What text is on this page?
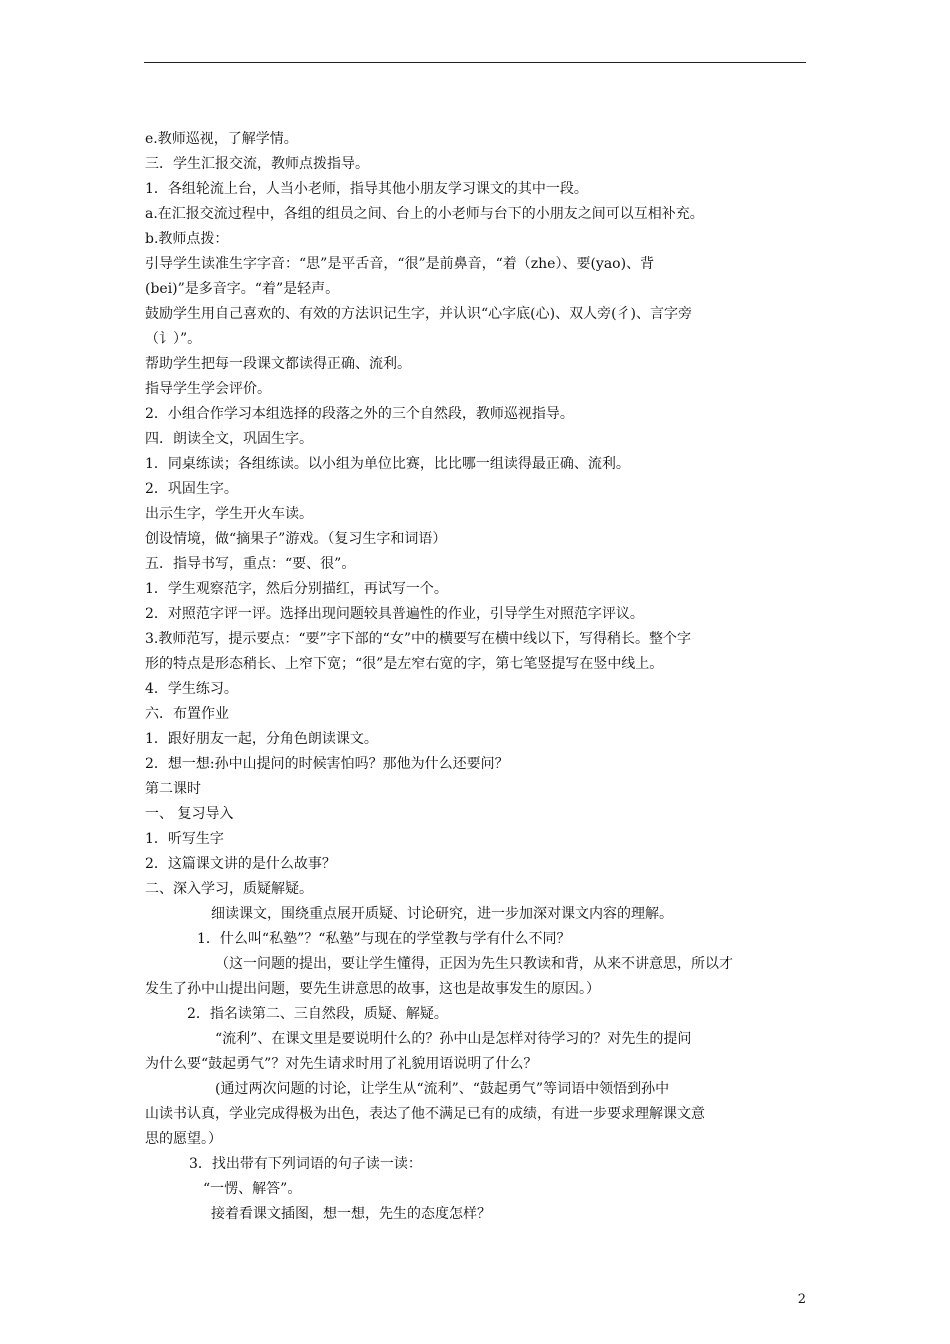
e.教师巡视，了解学情。
三．学生汇报交流，教师点拨指导。
1．各组轮流上台，人当小老师，指导其他小朋友学习课文的其中一段。
a.在汇报交流过程中，各组的组员之间、台上的小老师与台下的小朋友之间可以互相补充。
b.教师点拨：
引导学生读准生字字音：“思”是平舌音，“很”是前鼻音，“着（zhe）、要(yao)、背
(bei)”是多音字。“着”是轻声。
鼓励学生用自己喜欢的、有效的方法识记生字，并认识“心字底(心)、双人旁(彳)、言字旁
（讠）”。
帮助学生把每一段课文都读得正确、流利。
指导学生学会评价。
2．小组合作学习本组选择的段落之外的三个自然段，教师巡视指导。
四．朗读全文，巩固生字。
1．同桌练读；各组练读。以小组为单位比赛，比比哪一组读得最正确、流利。
2．巩固生字。
出示生字，学生开火车读。
创设情境，做“摘果子”游戏。（复习生字和词语）
五．指导书写，重点：“要、很”。
1．学生观察范字，然后分别描红，再试写一个。
2．对照范字评一评。选择出现问题较具普遍性的作业，引导学生对照范字评议。
3.教师范写，提示要点：“要”字下部的“女”中的横要写在横中线以下，写得稍长。整个字
形的特点是形态稍长、上窄下宽；“很”是左窄右宽的字，第七笔竖提写在竖中线上。
4．学生练习。
六．布置作业
1．跟好朋友一起，分角色朗读课文。
2．想一想:孙中山提问的时候害怕吗？那他为什么还要问？
第二课时
一、 复习导入
1．听写生字
2．这篇课文讲的是什么故事？
二、深入学习，质疑解疑。
细读课文，围绕重点展开质疑、讨论研究，进一步加深对课文内容的理解。
1．什么叫“私塾”？“私塾”与现在的学堂教与学有什么不同？
（这一问题的提出，要让学生懂得，正因为先生只教读和背，从来不讲意思，所以才
发生了孙中山提出问题，要先生讲意思的故事，这也是故事发生的原因。）
2．指名读第二、三自然段，质疑、解疑。
“流利”、在课文里是要说明什么的？孙中山是怎样对待学习的？对先生的提问
为什么要“鼓起勇气”？对先生请求时用了礼貌用语说明了什么？
(通过两次问题的讨论，让学生从“流利”、“鼓起勇气”等词语中领悟到孙中
山读书认真，学业完成得极为出色，表达了他不满足已有的成绩，有进一步要求理解课文意
思的愿望。）
3．找出带有下列词语的句子读一读：
“一愣、解答”。
接着看课文插图，想一想，先生的态度怎样？
2
